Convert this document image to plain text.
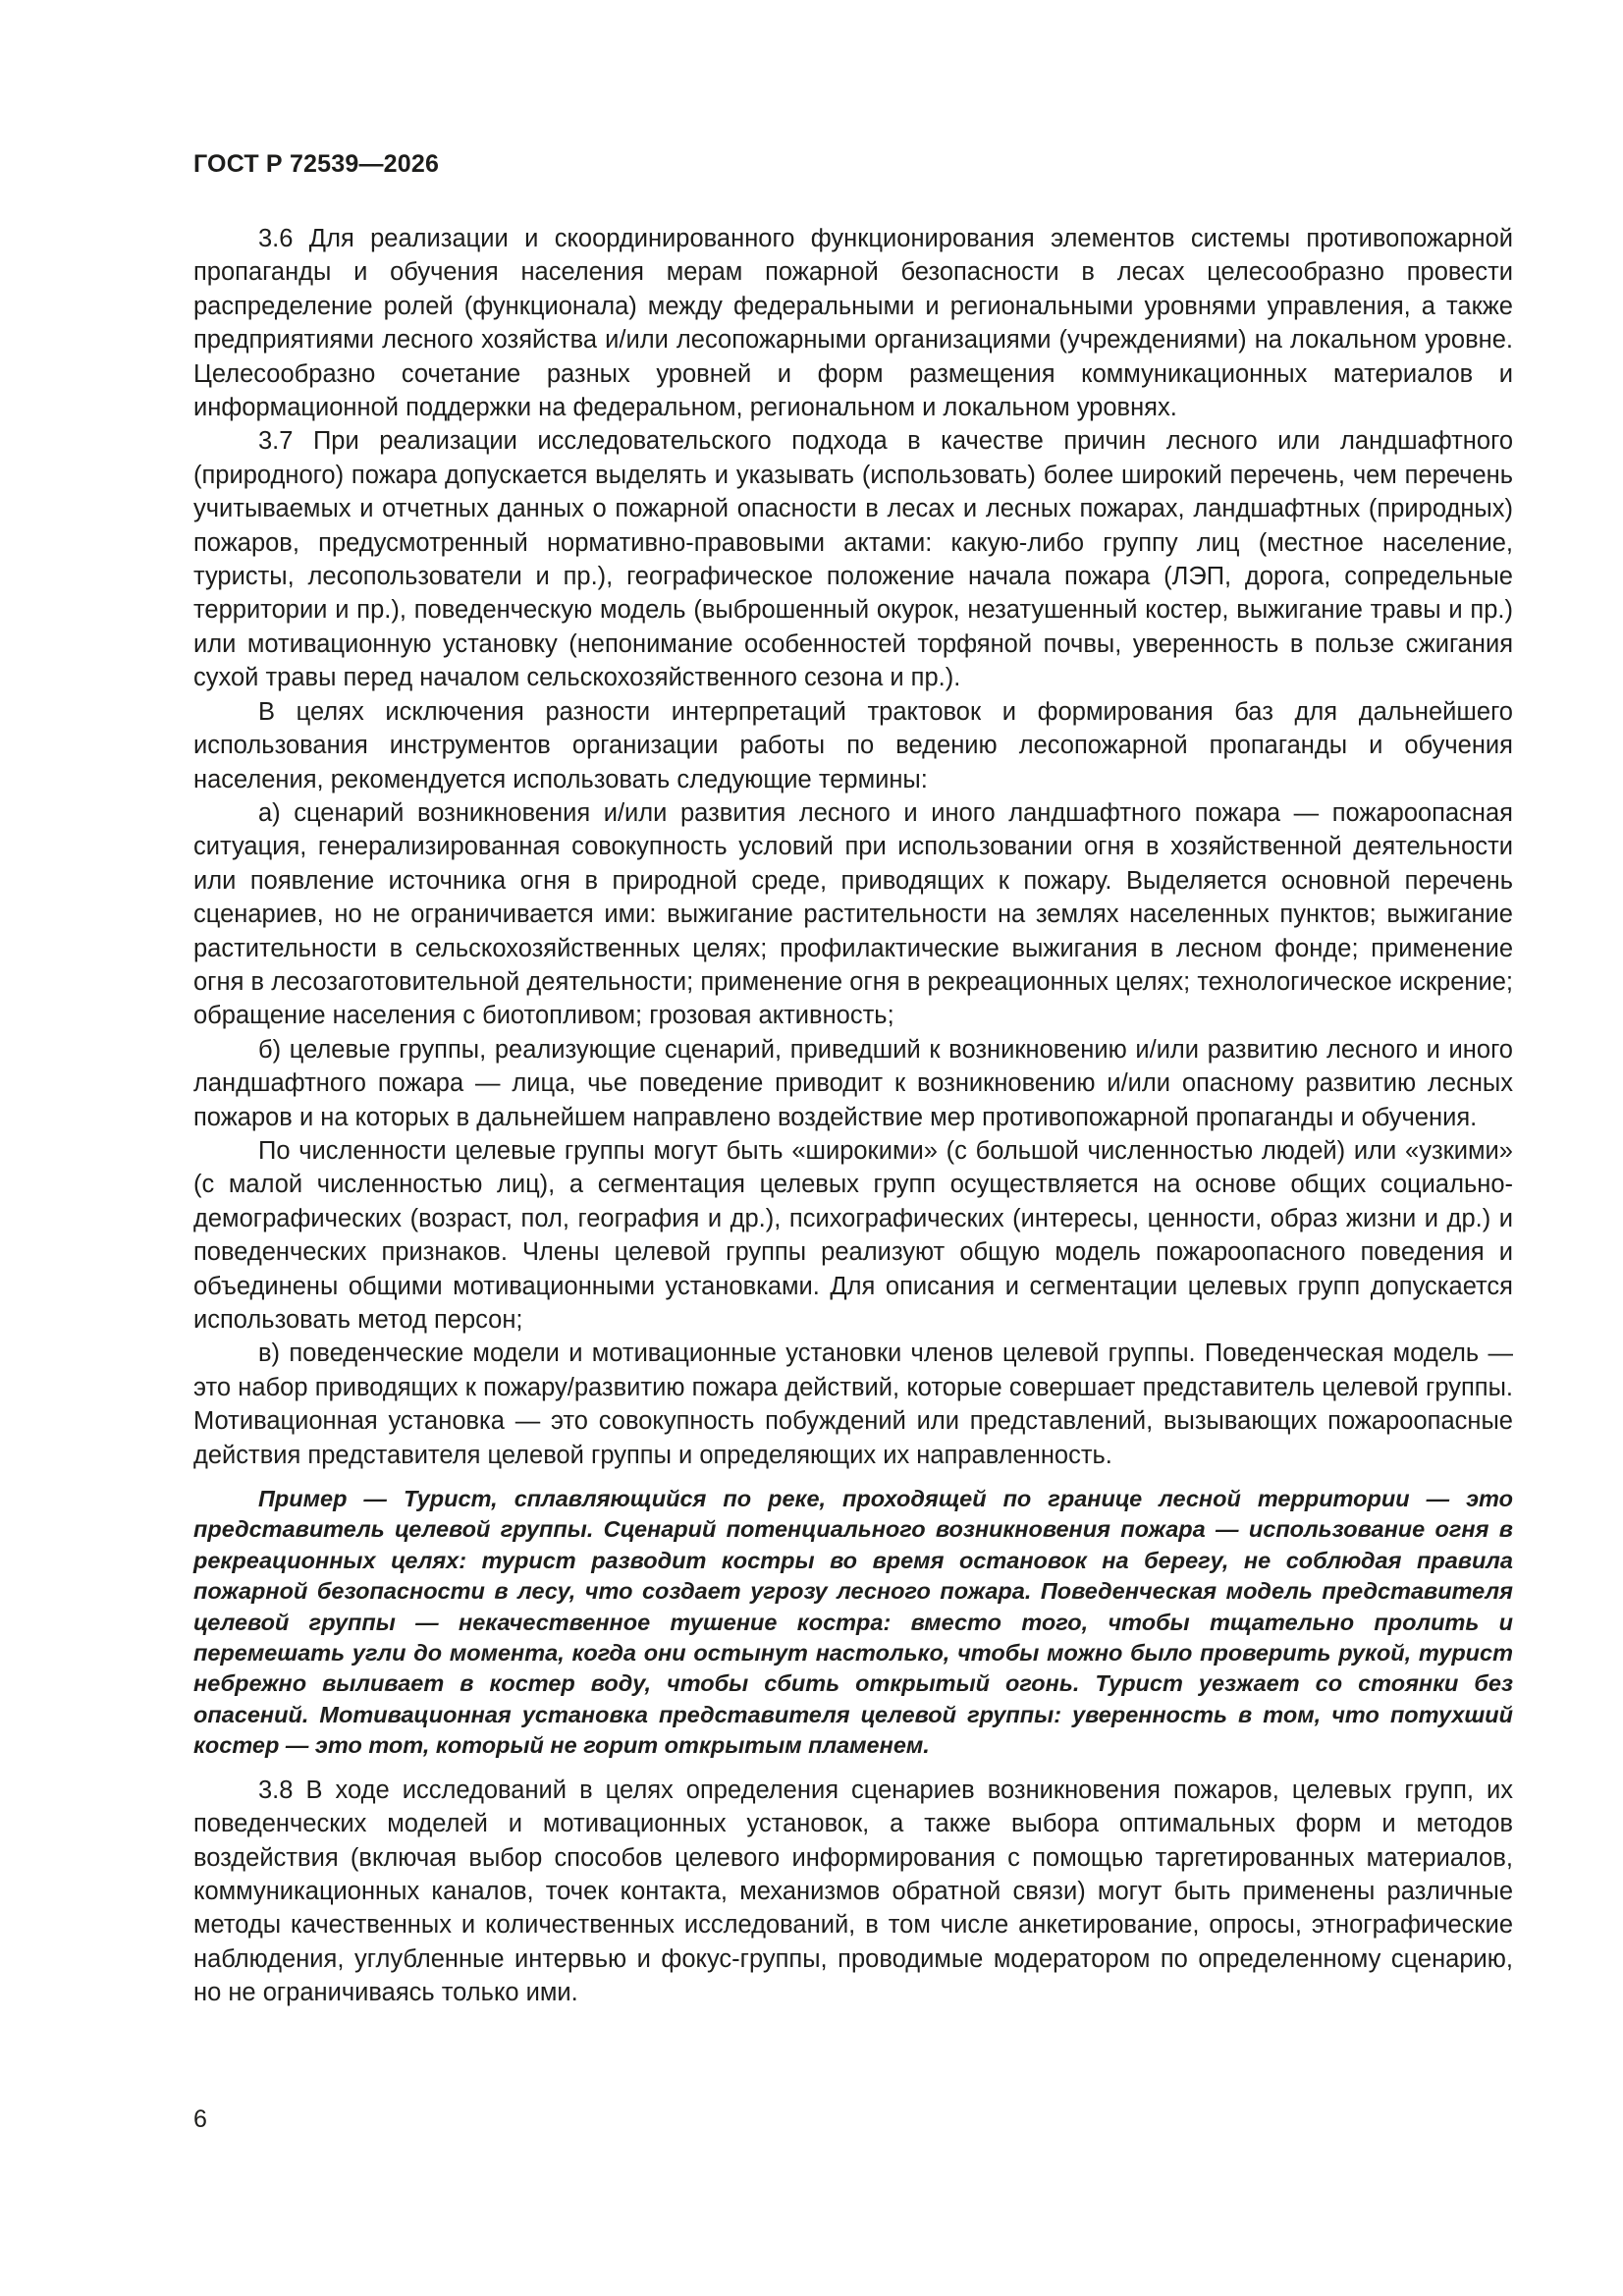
ГОСТ Р 72539—2026

3.6 Для реализации и скоординированного функционирования элементов системы противопожарной пропаганды и обучения населения мерам пожарной безопасности в лесах целесообразно провести распределение ролей (функционала) между федеральными и региональными уровнями управления, а также предприятиями лесного хозяйства и/или лесопожарными организациями (учреждениями) на локальном уровне. Целесообразно сочетание разных уровней и форм размещения коммуникационных материалов и информационной поддержки на федеральном, региональном и локальном уровнях.

3.7 При реализации исследовательского подхода в качестве причин лесного или ландшафтного (природного) пожара допускается выделять и указывать (использовать) более широкий перечень, чем перечень учитываемых и отчетных данных о пожарной опасности в лесах и лесных пожарах, ландшафтных (природных) пожаров, предусмотренный нормативно-правовыми актами: какую-либо группу лиц (местное население, туристы, лесопользователи и пр.), географическое положение начала пожара (ЛЭП, дорога, сопредельные территории и пр.), поведенческую модель (выброшенный окурок, незатушенный костер, выжигание травы и пр.) или мотивационную установку (непонимание особенностей торфяной почвы, уверенность в пользе сжигания сухой травы перед началом сельскохозяйственного сезона и пр.).

В целях исключения разности интерпретаций трактовок и формирования баз для дальнейшего использования инструментов организации работы по ведению лесопожарной пропаганды и обучения населения, рекомендуется использовать следующие термины:

а) сценарий возникновения и/или развития лесного и иного ландшафтного пожара — пожароопасная ситуация, генерализированная совокупность условий при использовании огня в хозяйственной деятельности или появление источника огня в природной среде, приводящих к пожару. Выделяется основной перечень сценариев, но не ограничивается ими: выжигание растительности на землях населенных пунктов; выжигание растительности в сельскохозяйственных целях; профилактические выжигания в лесном фонде; применение огня в лесозаготовительной деятельности; применение огня в рекреационных целях; технологическое искрение; обращение населения с биотопливом; грозовая активность;

б) целевые группы, реализующие сценарий, приведший к возникновению и/или развитию лесного и иного ландшафтного пожара — лица, чье поведение приводит к возникновению и/или опасному развитию лесных пожаров и на которых в дальнейшем направлено воздействие мер противопожарной пропаганды и обучения.

По численности целевые группы могут быть «широкими» (с большой численностью людей) или «узкими» (с малой численностью лиц), а сегментация целевых групп осуществляется на основе общих социально-демографических (возраст, пол, география и др.), психографических (интересы, ценности, образ жизни и др.) и поведенческих признаков. Члены целевой группы реализуют общую модель пожароопасного поведения и объединены общими мотивационными установками. Для описания и сегментации целевых групп допускается использовать метод персон;

в) поведенческие модели и мотивационные установки членов целевой группы. Поведенческая модель — это набор приводящих к пожару/развитию пожара действий, которые совершает представитель целевой группы. Мотивационная установка — это совокупность побуждений или представлений, вызывающих пожароопасные действия представителя целевой группы и определяющих их направленность.

Пример — Турист, сплавляющийся по реке, проходящей по границе лесной территории — это представитель целевой группы. Сценарий потенциального возникновения пожара — использование огня в рекреационных целях: турист разводит костры во время остановок на берегу, не соблюдая правила пожарной безопасности в лесу, что создает угрозу лесного пожара. Поведенческая модель представителя целевой группы — некачественное тушение костра: вместо того, чтобы тщательно пролить и перемешать угли до момента, когда они остынут настолько, чтобы можно было проверить рукой, турист небрежно выливает в костер воду, чтобы сбить открытый огонь. Турист уезжает со стоянки без опасений. Мотивационная установка представителя целевой группы: уверенность в том, что потухший костер — это тот, который не горит открытым пламенем.

3.8 В ходе исследований в целях определения сценариев возникновения пожаров, целевых групп, их поведенческих моделей и мотивационных установок, а также выбора оптимальных форм и методов воздействия (включая выбор способов целевого информирования с помощью таргетированных материалов, коммуникационных каналов, точек контакта, механизмов обратной связи) могут быть применены различные методы качественных и количественных исследований, в том числе анкетирование, опросы, этнографические наблюдения, углубленные интервью и фокус-группы, проводимые модератором по определенному сценарию, но не ограничиваясь только ими.

6
